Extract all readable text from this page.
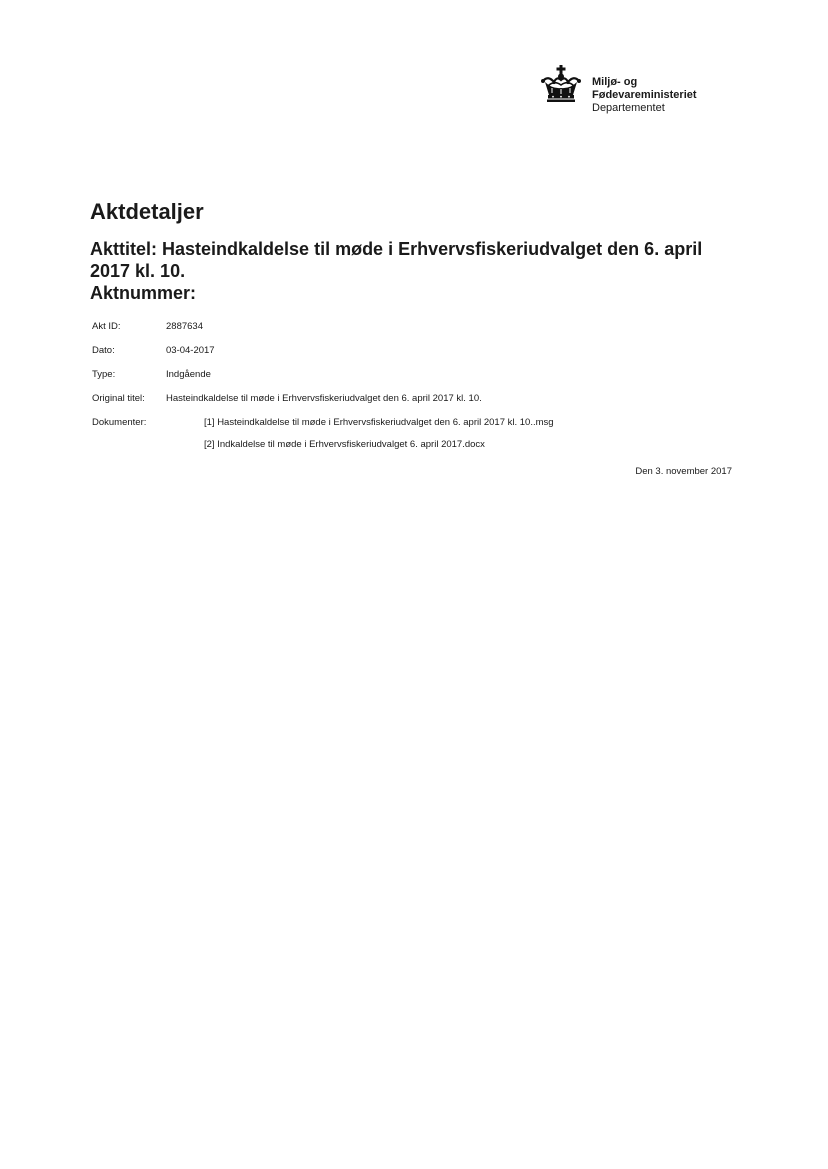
Miljø- og
Fødevareministeriet
Departementet
Aktdetaljer
Akttitel: Hasteindkaldelse til møde i Erhvervsfiskeriudvalget den 6. april 2017 kl. 10.
Aktnummer:
Akt ID:	2887634
Dato:	03-04-2017
Type:	Indgående
Original titel: Hasteindkaldelse til møde i Erhvervsfiskeriudvalget den 6. april 2017 kl. 10.
Dokumenter:	[1] Hasteindkaldelse til møde i Erhvervsfiskeriudvalget den 6. april 2017 kl. 10..msg
[2] Indkaldelse til møde i Erhvervsfiskeriudvalget 6. april 2017.docx
Den 3. november 2017
